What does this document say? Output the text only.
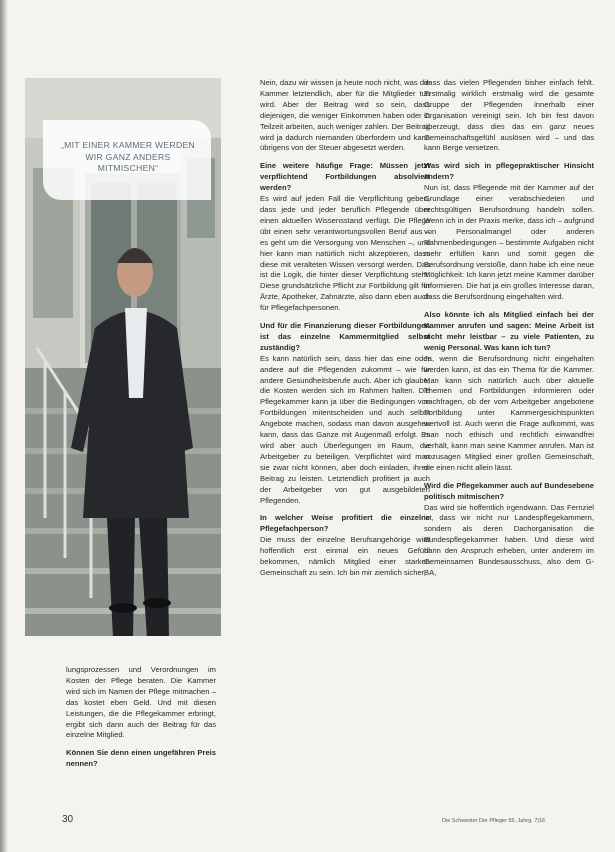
„MIT EINER KAMMER WERDEN WIR GANZ ANDERS MITMISCHEN“

lungsprozessen und Verordnungen im Kosten der Pflege beraten. Die Kammer wird sich im Namen der Pflege mitmachen – das kostet eben Geld. Und mit diesen Leistungen, die die Pflegekammer erbringt, ergibt sich dann auch der Beitrag für das einzelne Mitglied.

Können Sie denn einen ungefähren Preis nennen?

Nein, dazu wir wissen ja heute noch nicht, was die Kammer letztendlich, aber für die Mitglieder tun wird. Aber der Beitrag wird so sein, dass diejenigen, die weniger Einkommen haben oder in Teilzeit arbeiten, auch weniger zahlen. Der Beitrag wird ja dadurch niemanden überfordern und kann übrigens von der Steuer abgesetzt werden.

Eine weitere häufige Frage: Müssen jetzt verpflichtend Fortbildungen absolviert werden?

Es wird auf jeden Fall die Verpflichtung geben, dass jede und jeder beruflich Pflegende über einen aktuellen Wissensstand verfügt. Die Pflege übt einen sehr verantwortungsvollen Beruf aus – es geht um die Versorgung von Menschen –, und hier kann man natürlich nicht akzeptieren, dass diese mit veralteten Wissen versorgt werden. Das ist die Logik, die hinter dieser Verpflichtung steht. Diese grundsätzliche Pflicht zur Fortbildung gilt für Ärzte, Apotheker, Zahnärzte, also dann eben auch für Pflegefachpersonen.

Und für die Finanzierung dieser Fortbildungen ist das einzelne Kammermitglied selbst zuständig?

Es kann natürlich sein, dass hier das eine oder andere auf die Pflegenden zukommt – wie für andere Gesundheitsberufe auch. Aber ich glaube, die Kosten werden sich im Rahmen halten. Die Pflegekammer kann ja über die Bedingungen von Fortbildungen mitentscheiden und auch selbst Angebote machen, sodass man davon ausgehen kann, dass das Ganze mit Augenmaß erfolgt. Es wird aber auch Überlegungen im Raum, die Arbeitgeber zu beteiligen. Verpflichtet wird man sie zwar nicht können, aber doch einladen, ihren Beitrag zu leisten. Letztendlich profitiert ja auch der Arbeitgeber von gut ausgebildeten Pflegenden.

In welcher Weise profitiert die einzelne Pflegefachperson?

Die muss der einzelne Berufsangehörige wird hoffentlich erst einmal ein neues Gefühl bekommen, nämlich Mitglied einer starken Gemeinschaft zu sein. Ich bin mir ziemlich sicher,

dass das vielen Pflegenden bisher einfach fehlt. Erstmalig wirklich erstmalig wird die gesamte Gruppe der Pflegenden innerhalb einer Organisation vereinigt sein. Ich bin fest davon überzeugt, dass dies das ein ganz neues Gemeinschaftsgefühl auslösen wird – und das kann Berge versetzen.

Was wird sich in pflegepraktischer Hinsicht ändern?

Nun ist, dass Pflegende mit der Kammer auf der Grundlage einer verabschiedeten und rechtsgültigen Berufsordnung handeln sollen. Wenn ich in der Praxis merke, dass ich – aufgrund von Personalmangel oder anderen Rahmenbedingungen – bestimmte Aufgaben nicht mehr erfüllen kann und somit gegen die Berufsordnung verstoße, dann habe ich eine neue Möglichkeit: Ich kann jetzt meine Kammer darüber informieren. Die hat ja ein großes Interesse daran, dass die Berufsordnung eingehalten wird.

Also könnte ich als Mitglied einfach bei der Kammer anrufen und sagen: Meine Arbeit ist nicht mehr leistbar – zu viele Patienten, zu wenig Personal. Was kann ich tun?

Ja, wenn die Berufsordnung nicht eingehalten werden kann, ist das ein Thema für die Kammer. Man kann sich natürlich auch über aktuelle Themen und Fortbildungen informieren oder nachfragen, ob der vom Arbeitgeber angebotene Fortbildung unter Kammergesichtspunkten wertvoll ist. Auch wenn die Frage aufkommt, was man noch ethisch und rechtlich einwandfrei verhält, kann man seine Kammer anrufen. Man ist sozusagen Mitglied einer großen Gemeinschaft, die einen nicht allein lässt.

Wird die Pflegekammer auch auf Bundesebene politisch mitmischen?

Das wird sie hoffentlich irgendwann. Das Fernziel ist, dass wir nicht nur Landespflegekammern, sondern als deren Dachorganisation die Bundespflegekammer haben. Und diese wird dann den Anspruch erheben, unter anderem im Gemeinsamen Bundesausschuss, also dem G-BA,

30	Die Schwester Der Pfleger 55. Jahrg. 7|16
